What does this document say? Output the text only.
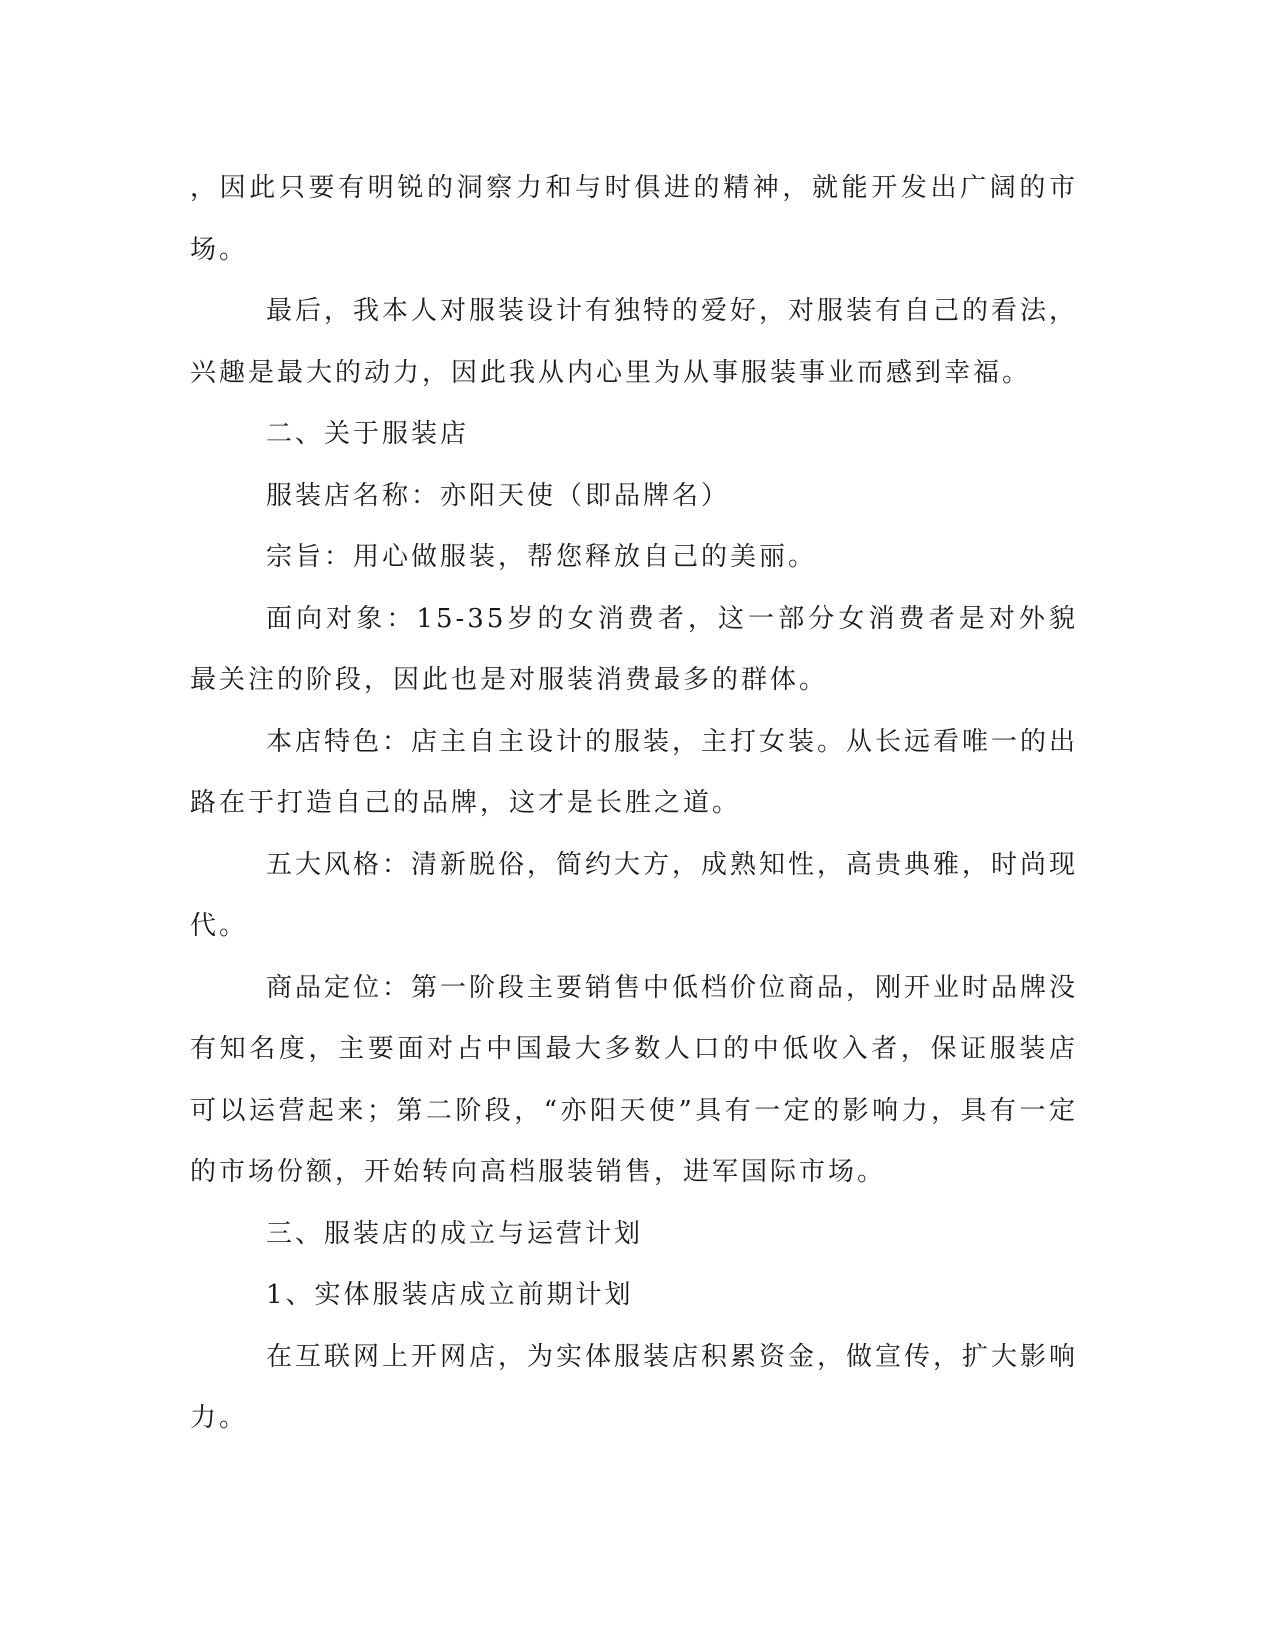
，因此只要有明锐的洞察力和与时俱进的精神，就能开发出广阔的市场。

最后，我本人对服装设计有独特的爱好，对服装有自己的看法，兴趣是最大的动力，因此我从内心里为从事服装事业而感到幸福。

二、关于服装店

服装店名称：亦阳天使（即品牌名）

宗旨：用心做服装，帮您释放自己的美丽。

面向对象：15-35岁的女消费者，这一部分女消费者是对外貌最关注的阶段，因此也是对服装消费最多的群体。

本店特色：店主自主设计的服装，主打女装。从长远看唯一的出路在于打造自己的品牌，这才是长胜之道。

五大风格：清新脱俗，简约大方，成熟知性，高贵典雅，时尚现代。

商品定位：第一阶段主要销售中低档价位商品，刚开业时品牌没有知名度，主要面对占中国最大多数人口的中低收入者，保证服装店可以运营起来；第二阶段，“亦阳天使”具有一定的影响力，具有一定的市场份额，开始转向高档服装销售，进军国际市场。

三、服装店的成立与运营计划

1、实体服装店成立前期计划

在互联网上开网店，为实体服装店积累资金，做宣传，扩大影响力。
